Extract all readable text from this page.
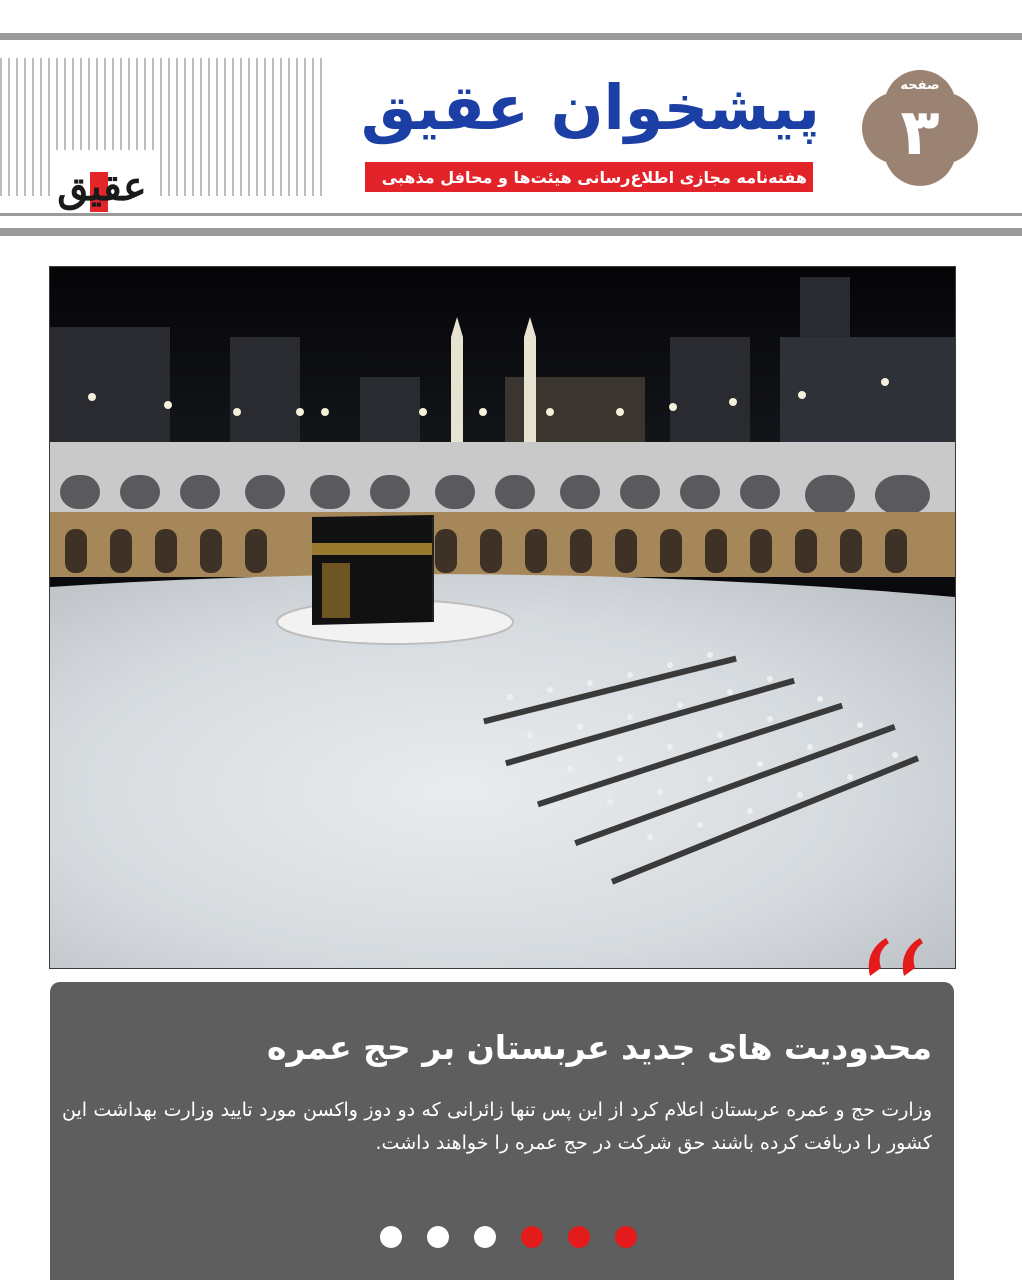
عقیق
پیشخوان عقیق
هفته‌نامه مجازی اطلاع‌رسانی هیئت‌ها و محافل مذهبی
صفحه
۳
محدودیت های جدید عربستان بر حج عمره
وزارت حج و عمره عربستان اعلام کرد از این پس تنها زائرانی که دو دوز واکسن مورد تایید وزارت بهداشت این کشور را دریافت کرده باشند حق شرکت در حج عمره را خواهند داشت.
